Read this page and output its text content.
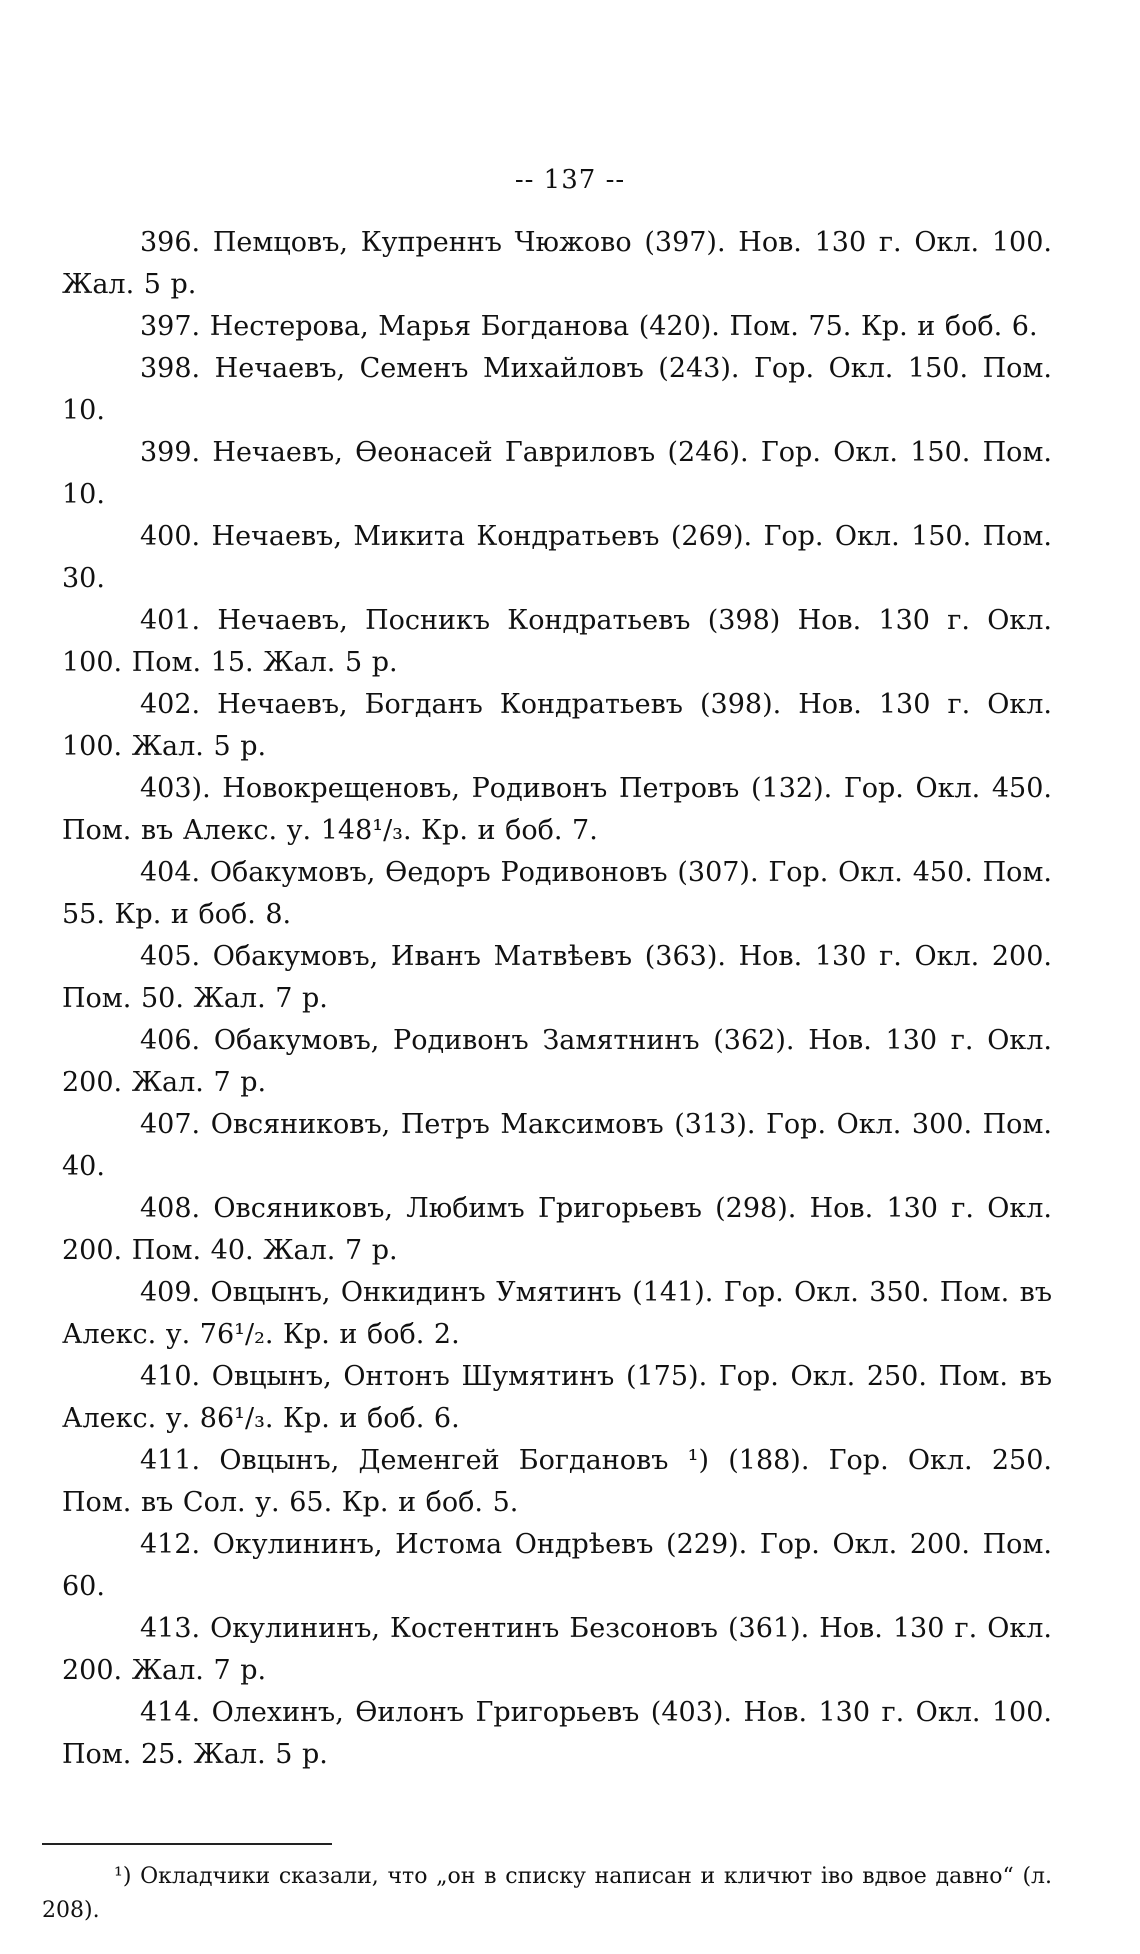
-- 137 --

396. Пемцовъ, Купреннъ Чюжово (397). Нов. 130 г. Окл. 100. Жал. 5 р.

397. Нестерова, Марья Богданова (420). Пом. 75. Кр. и боб. 6.

398. Нечаевъ, Семенъ Михайловъ (243). Гор. Окл. 150. Пом. 10.

399. Нечаевъ, Өеонасей Гавриловъ (246). Гор. Окл. 150. Пом. 10.

400. Нечаевъ, Микита Кондратьевъ (269). Гор. Окл. 150. Пом. 30.

401. Нечаевъ, Посникъ Кондратьевъ (398) Нов. 130 г. Окл. 100. Пом. 15. Жал. 5 р.

402. Нечаевъ, Богданъ Кондратьевъ (398). Нов. 130 г. Окл. 100. Жал. 5 р.

403). Новокрещеновъ, Родивонъ Петровъ (132). Гор. Окл. 450. Пом. въ Алекс. у. 148¹/₃. Кр. и боб. 7.

404. Обакумовъ, Өедоръ Родивоновъ (307). Гор. Окл. 450. Пом. 55. Кр. и боб. 8.

405. Обакумовъ, Иванъ Матвѣевъ (363). Нов. 130 г. Окл. 200. Пом. 50. Жал. 7 р.

406. Обакумовъ, Родивонъ Замятнинъ (362). Нов. 130 г. Окл. 200. Жал. 7 р.

407. Овсяниковъ, Петръ Максимовъ (313). Гор. Окл. 300. Пом. 40.

408. Овсяниковъ, Любимъ Григорьевъ (298). Нов. 130 г. Окл. 200. Пом. 40. Жал. 7 р.

409. Овцынъ, Онкидинъ Умятинъ (141). Гор. Окл. 350. Пом. въ Алекс. у. 76¹/₂. Кр. и боб. 2.

410. Овцынъ, Онтонъ Шумятинъ (175). Гор. Окл. 250. Пом. въ Алекс. у. 86¹/₃. Кр. и боб. 6.

411. Овцынъ, Деменгей Богдановъ ¹) (188). Гор. Окл. 250. Пом. въ Сол. у. 65. Кр. и боб. 5.

412. Окулининъ, Истома Ондрѣевъ (229). Гор. Окл. 200. Пом. 60.

413. Окулининъ, Костентинъ Безсоновъ (361). Нов. 130 г. Окл. 200. Жал. 7 р.

414. Олехинъ, Өилонъ Григорьевъ (403). Нов. 130 г. Окл. 100. Пом. 25. Жал. 5 р.

¹) Окладчики сказали, что „он в списку написан и кличют іво вдвое давно“ (л. 208).
